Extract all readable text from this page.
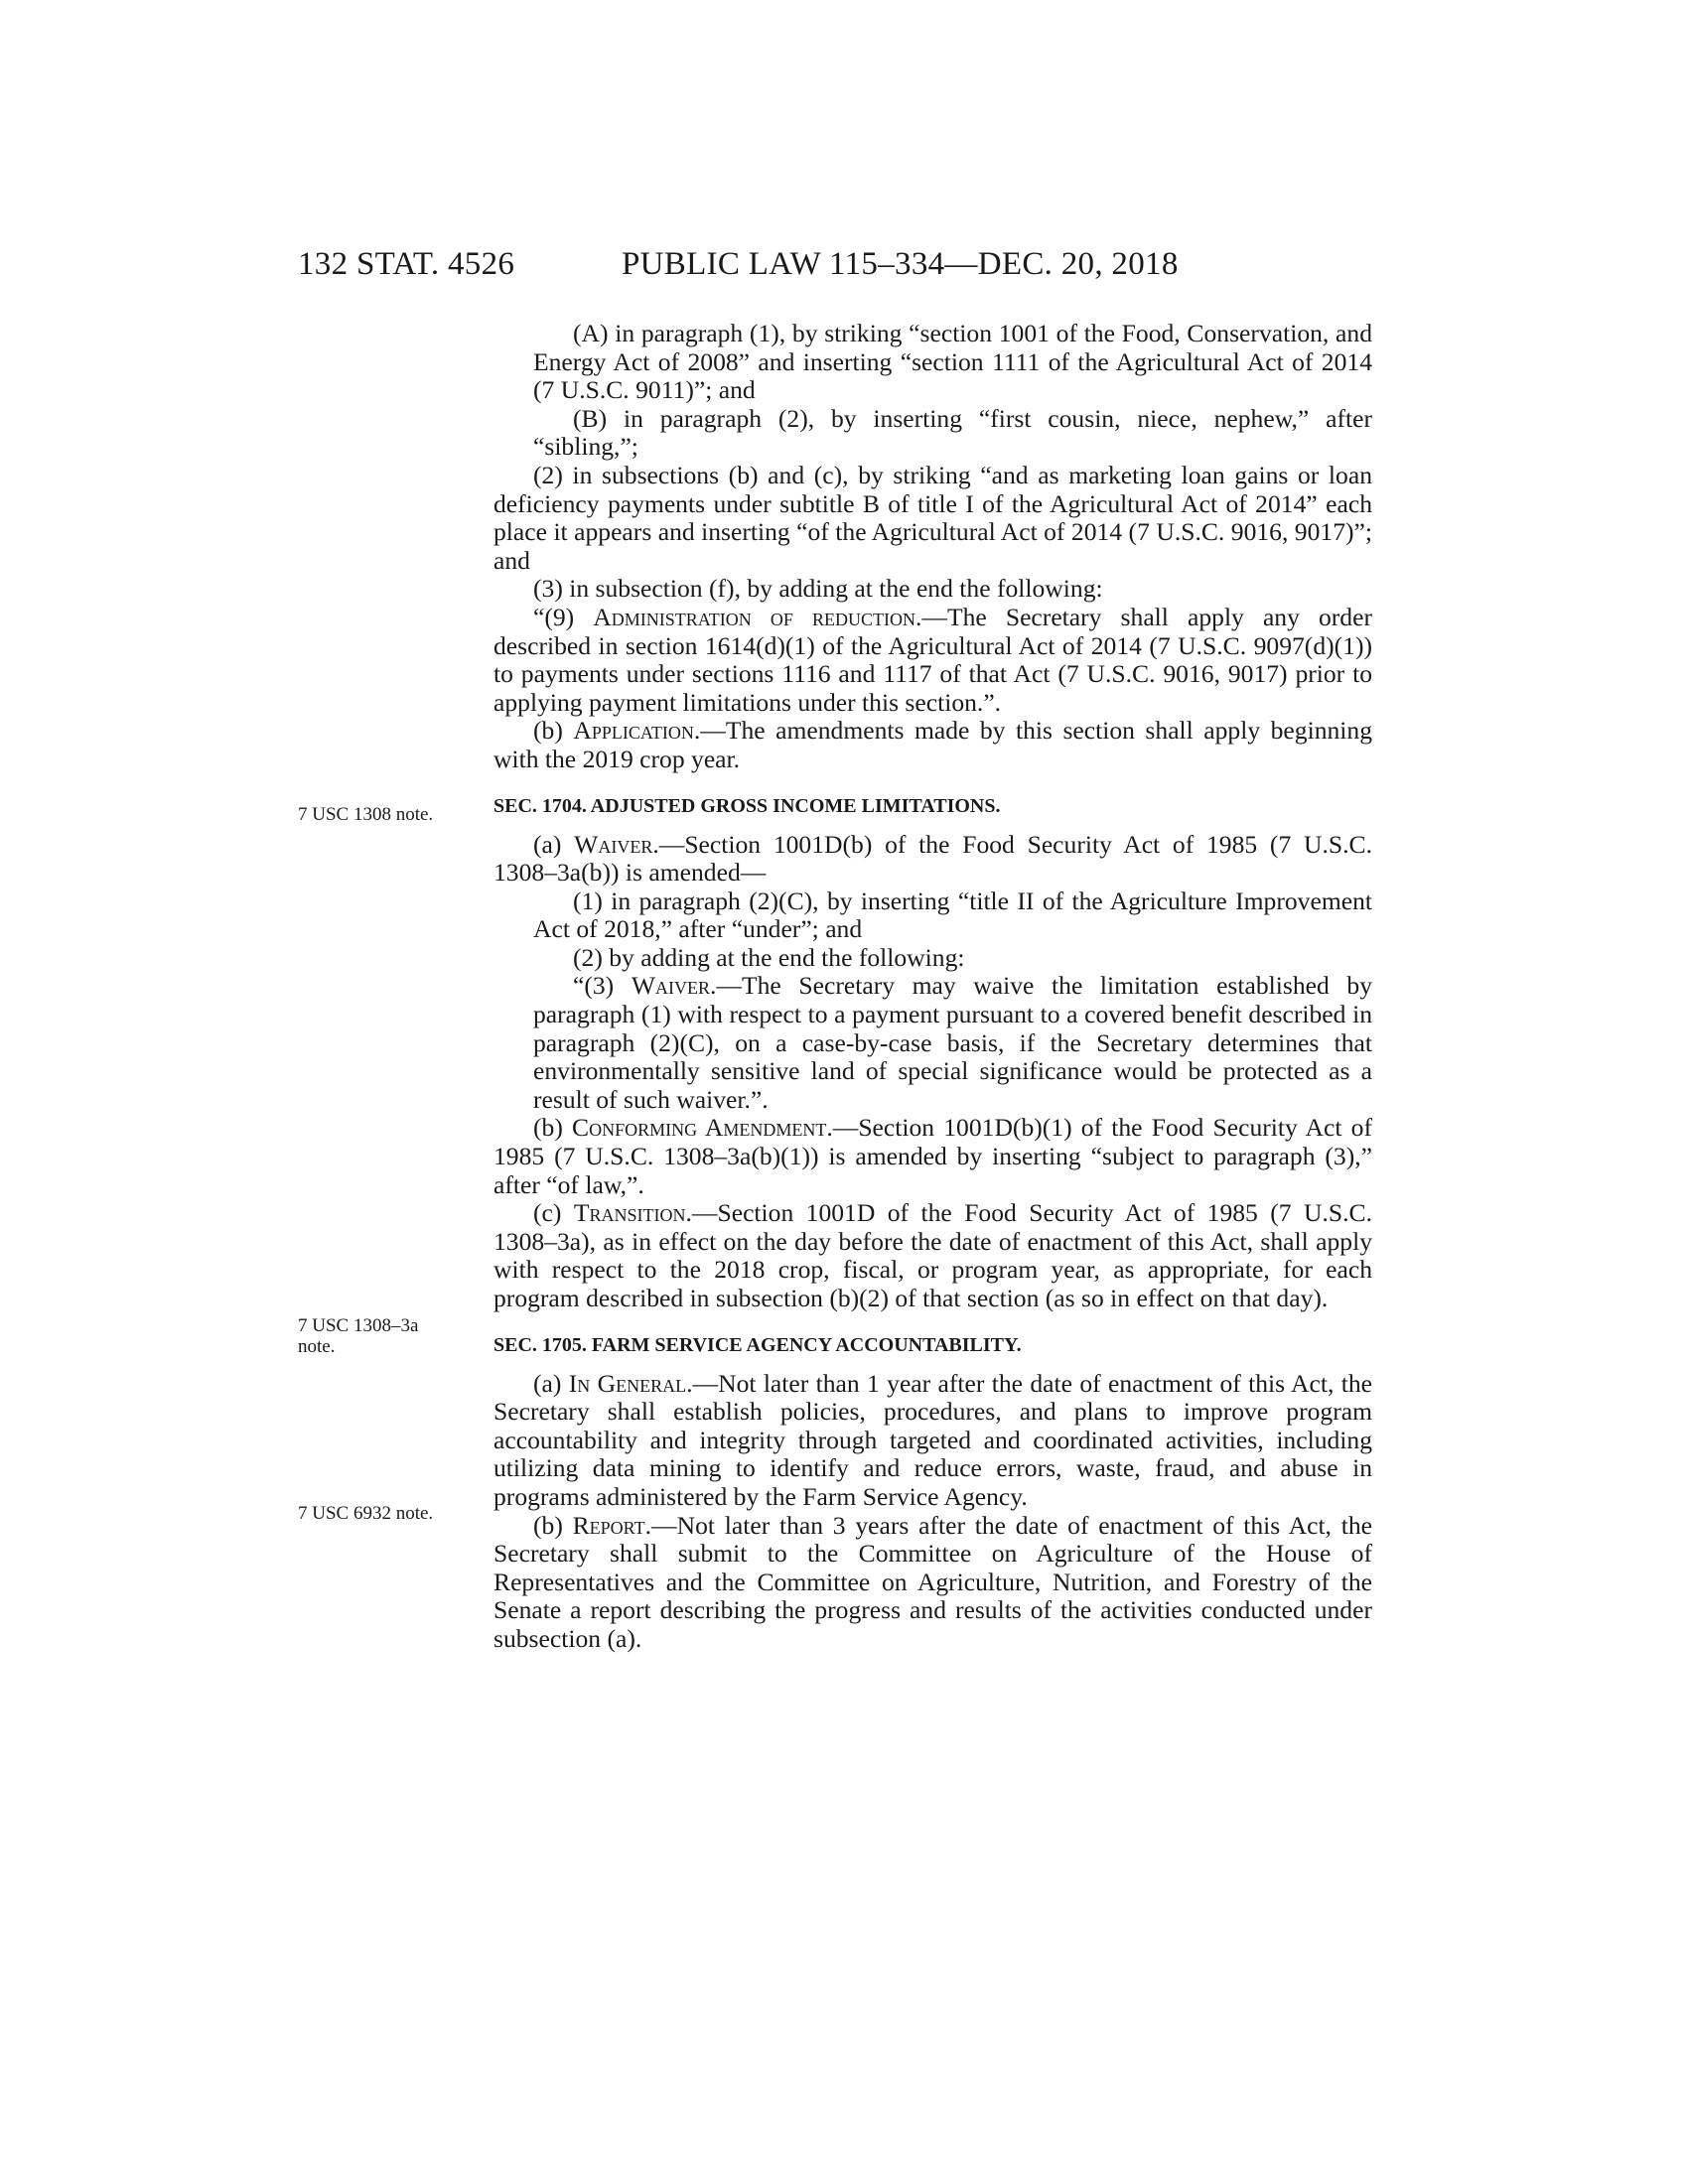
132 STAT. 4526	PUBLIC LAW 115–334—DEC. 20, 2018
7 USC 1308 note.
7 USC 1308–3a
note.
7 USC 6932 note.

(A) in paragraph (1), by striking “section 1001 of the Food, Conservation, and Energy Act of 2008” and inserting “section 1111 of the Agricultural Act of 2014 (7 U.S.C. 9011)”; and

(B) in paragraph (2), by inserting “first cousin, niece, nephew,” after “sibling,”;

(2) in subsections (b) and (c), by striking “and as marketing loan gains or loan deficiency payments under subtitle B of title I of the Agricultural Act of 2014” each place it appears and inserting “of the Agricultural Act of 2014 (7 U.S.C. 9016, 9017)”; and

(3) in subsection (f), by adding at the end the following:

“(9) Administration of reduction.—The Secretary shall apply any order described in section 1614(d)(1) of the Agricultural Act of 2014 (7 U.S.C. 9097(d)(1)) to payments under sections 1116 and 1117 of that Act (7 U.S.C. 9016, 9017) prior to applying payment limitations under this section.”.

(b) Application.—The amendments made by this section shall apply beginning with the 2019 crop year.

SEC. 1704. ADJUSTED GROSS INCOME LIMITATIONS.

(a) Waiver.—Section 1001D(b) of the Food Security Act of 1985 (7 U.S.C. 1308–3a(b)) is amended—

(1) in paragraph (2)(C), by inserting “title II of the Agriculture Improvement Act of 2018,” after “under”; and

(2) by adding at the end the following:

“(3) Waiver.—The Secretary may waive the limitation established by paragraph (1) with respect to a payment pursuant to a covered benefit described in paragraph (2)(C), on a case-by-case basis, if the Secretary determines that environmentally sensitive land of special significance would be protected as a result of such waiver.”.

(b) Conforming Amendment.—Section 1001D(b)(1) of the Food Security Act of 1985 (7 U.S.C. 1308–3a(b)(1)) is amended by inserting “subject to paragraph (3),” after “of law,”.

(c) Transition.—Section 1001D of the Food Security Act of 1985 (7 U.S.C. 1308–3a), as in effect on the day before the date of enactment of this Act, shall apply with respect to the 2018 crop, fiscal, or program year, as appropriate, for each program described in subsection (b)(2) of that section (as so in effect on that day).

SEC. 1705. FARM SERVICE AGENCY ACCOUNTABILITY.

(a) In General.—Not later than 1 year after the date of enactment of this Act, the Secretary shall establish policies, procedures, and plans to improve program accountability and integrity through targeted and coordinated activities, including utilizing data mining to identify and reduce errors, waste, fraud, and abuse in programs administered by the Farm Service Agency.

(b) Report.—Not later than 3 years after the date of enactment of this Act, the Secretary shall submit to the Committee on Agriculture of the House of Representatives and the Committee on Agriculture, Nutrition, and Forestry of the Senate a report describing the progress and results of the activities conducted under subsection (a).
